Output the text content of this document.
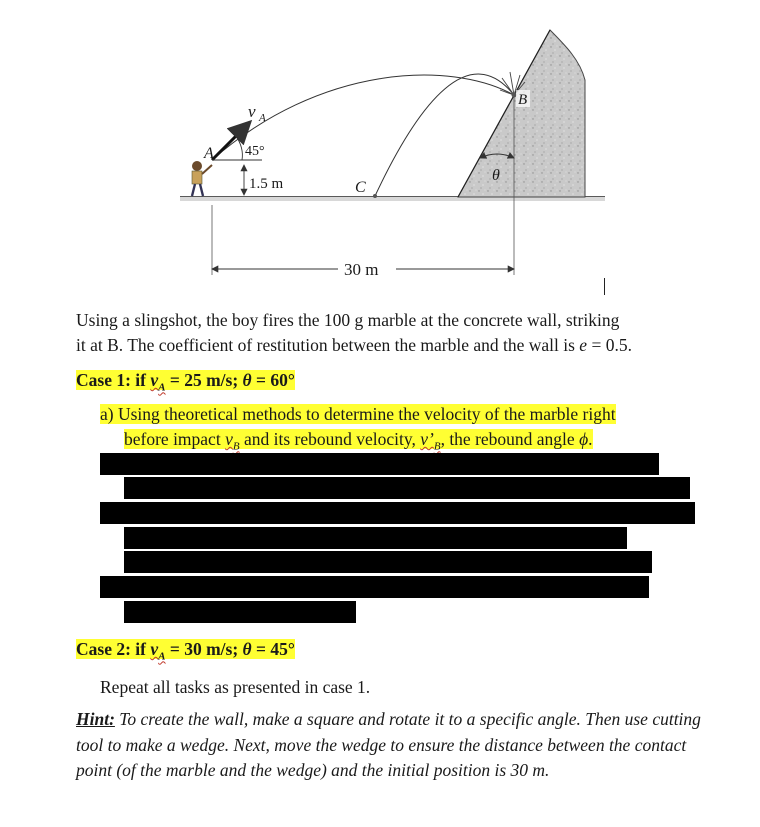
θ
v A
A 45°
1.5 m	C
B
30 m
Using a slingshot, the boy fires the 100 g marble at the concrete wall, striking
it at B. The coefficient of restitution between the marble and the wall is e = 0.5.
Case 1: if $v_A = 25$ m/s; θ = 60°
a) Using theoretical methods to determine the velocity of the marble right
before impact $v_B$ and its rebound velocity, $v’_B$, the rebound angle ϕ.
Case 2: if $v_A = 30$ m/s; θ = 45°
Repeat all tasks as presented in case 1.
Hint: To create the wall, make a square and rotate it to a specific angle. Then use cutting tool to make a wedge. Next, move the wedge to ensure the distance between the contact point (of the marble and the wedge) and the initial position is 30 m.
